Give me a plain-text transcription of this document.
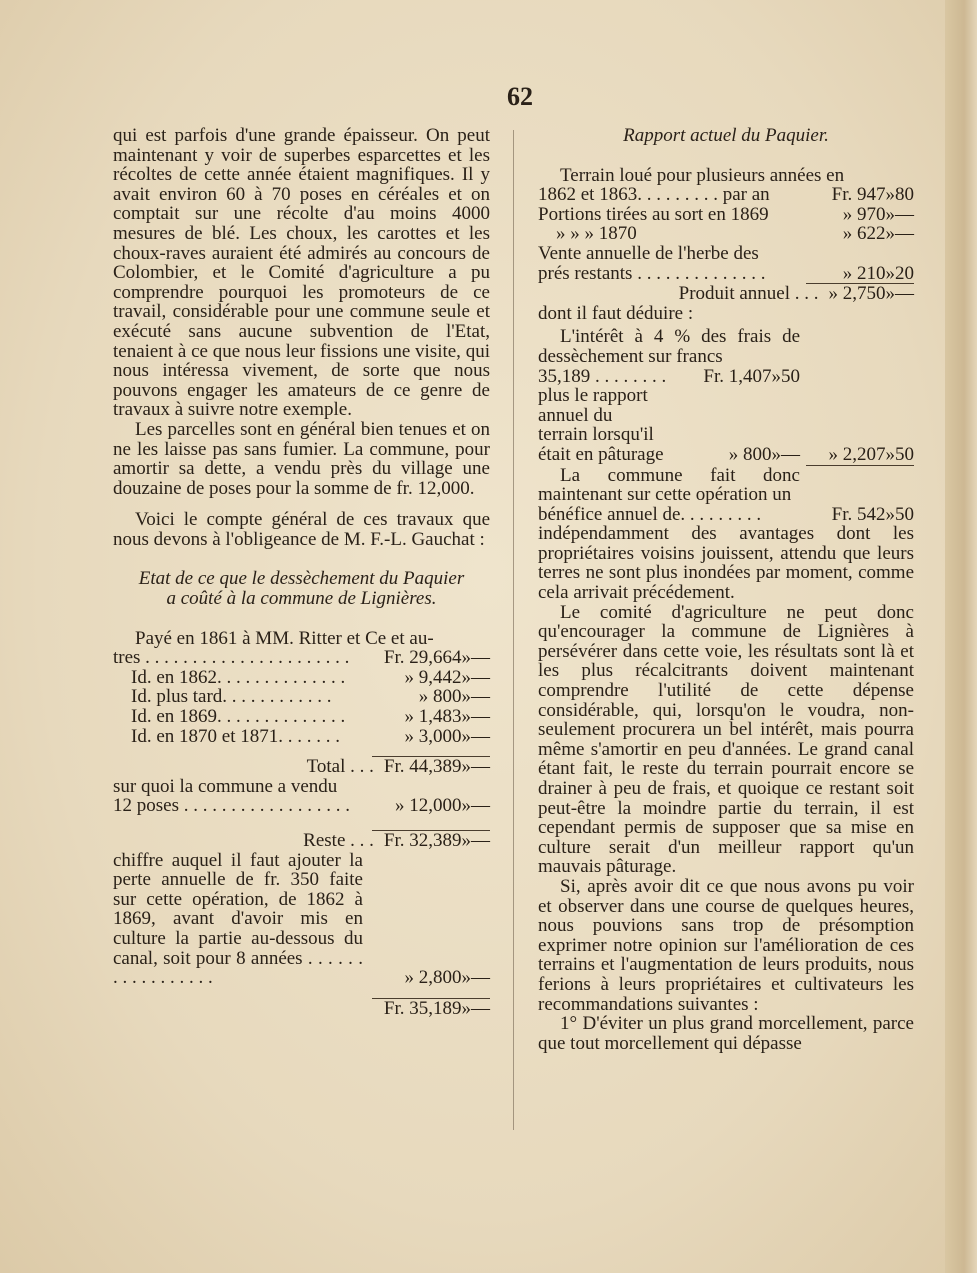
62

qui est parfois d'une grande épaisseur. On peut maintenant y voir de superbes esparcettes et les récoltes de cette année étaient magnifiques. Il y avait environ 60 à 70 poses en céréales et on comptait sur une récolte d'au moins 4000 mesures de blé. Les choux, les carottes et les choux-raves auraient été admirés au concours de Colombier, et le Comité d'agriculture a pu comprendre pourquoi les promoteurs de ce travail, considérable pour une commune seule et exécuté sans aucune subvention de l'Etat, tenaient à ce que nous leur fissions une visite, qui nous intéressa vivement, de sorte que nous pouvons engager les amateurs de ce genre de travaux à suivre notre exemple.

Les parcelles sont en général bien tenues et on ne les laisse pas sans fumier. La commune, pour amortir sa dette, a vendu près du village une douzaine de poses pour la somme de fr. 12,000.

Voici le compte général de ces travaux que nous devons à l'obligeance de M. F.-L. Gauchat :

Etat de ce que le dessèchement du Paquier

a coûté à la commune de Lignières.

Payé en 1861 à MM. Ritter et Ce et au-

tres . . . . . . . . . . . . . . . . . . . . . . Fr. 29,664»—
Id. en 1862. . . . . . . . . . . . . .	» 9,442»—
Id. plus tard. . . . . . . . . . . .	» 800»—
Id. en 1869. . . . . . . . . . . . . .	» 1,483»—
Id. en 1870 et 1871. . . . . . .	» 3,000»—
Total . . . Fr. 44,389»—

sur quoi la commune a vendu

12 poses . . . . . . . . . . . . . . . . . . » 12,000»—
Reste . . . Fr. 32,389»—

chiffre auquel il faut ajouter la perte annuelle de fr. 350 faite sur cette opération, de 1862 à 1869, avant d'avoir mis en culture la partie au-dessous du canal, soit pour 8 années . . . . . . . . . . . . . . . . .	» 2,800»—
Fr. 35,189»—

Rapport actuel du Paquier.

Terrain loué pour plusieurs années en

1862 et 1863. . . . . . . . . par an	Fr. 947»80
Portions tirées au sort en 1869	» 970»—
» » » 1870	» 622»—

Vente annuelle de l'herbe des

prés restants . . . . . . . . . . . . . .	» 210»20
Produit annuel . . . » 2,750»—

dont il faut déduire :

L'intérêt à 4 % des frais de dessèchement sur francs

35,189 . . . . . . . . Fr. 1,407»50

plus le rapport annuel du terrain lorsqu'il

était en pâturage	» 800»—	» 2,207»50

La commune fait donc maintenant sur cette opération un

bénéfice annuel de. . . . . . . . .	Fr. 542»50

indépendamment des avantages dont les propriétaires voisins jouissent, attendu que leurs terres ne sont plus inondées par moment, comme cela arrivait précédement.

Le comité d'agriculture ne peut donc qu'encourager la commune de Lignières à persévérer dans cette voie, les résultats sont là et les plus récalcitrants doivent maintenant comprendre l'utilité de cette dépense considérable, qui, lorsqu'on le voudra, non-seulement procurera un bel intérêt, mais pourra même s'amortir en peu d'années. Le grand canal étant fait, le reste du terrain pourrait encore se drainer à peu de frais, et quoique ce restant soit peut-être la moindre partie du terrain, il est cependant permis de supposer que sa mise en culture serait d'un meilleur rapport qu'un mauvais pâturage.

Si, après avoir dit ce que nous avons pu voir et observer dans une course de quelques heures, nous pouvions sans trop de présomption exprimer notre opinion sur l'amélioration de ces terrains et l'augmentation de leurs produits, nous ferions à leurs propriétaires et cultivateurs les recommandations suivantes :

1° D'éviter un plus grand morcellement, parce que tout morcellement qui dépasse
